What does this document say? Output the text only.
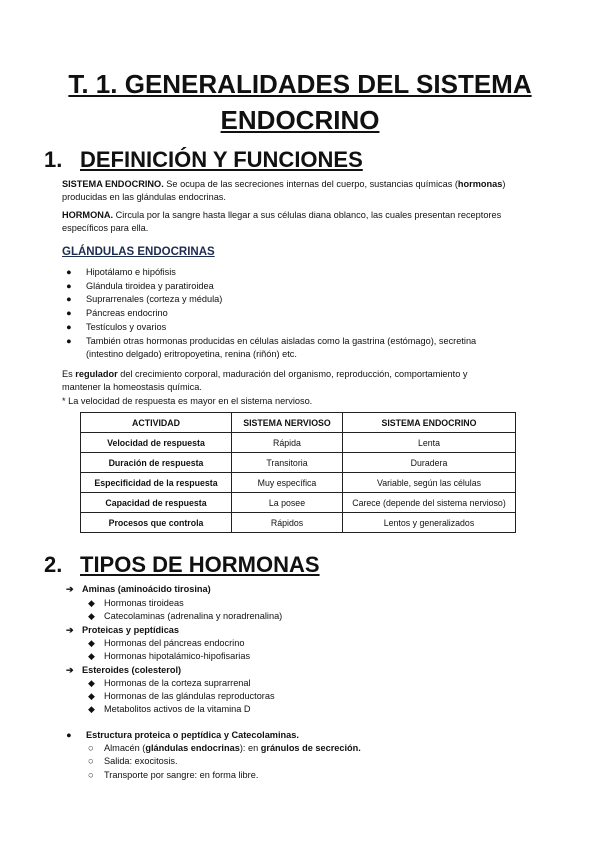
T. 1. GENERALIDADES DEL SISTEMA
ENDOCRINO
1. DEFINICIÓN Y FUNCIONES
SISTEMA ENDOCRINO. Se ocupa de las secreciones internas del cuerpo, sustancias químicas (hormonas)
producidas en las glándulas endocrinas.
HORMONA. Circula por la sangre hasta llegar a sus células diana oblanco, las cuales presentan receptores
específicos para ella.
GLÁNDULAS ENDOCRINAS
● Hipotálamo e hipófisis
● Glándula tiroidea y paratiroidea
● Suprarrenales (corteza y médula)
● Páncreas endocrino
● Testículos y ovarios
● También otras hormonas producidas en células aisladas como la gastrina (estómago), secretina
(intestino delgado) eritropoyetina, renina (riñón) etc.
Es regulador del crecimiento corporal, maduración del organismo, reproducción, comportamiento y
mantener la homeostasis química.
* La velocidad de respuesta es mayor en el sistema nervioso.
ACTIVIDAD	SISTEMA NERVIOSO	SISTEMA ENDOCRINO
Velocidad de respuesta	Rápida	Lenta
Duración de respuesta	Transitoria	Duradera
Especificidad de la respuesta	Muy específica	Variable, según las células
Capacidad de respuesta	La posee	Carece (depende del sistema nervioso)
Procesos que controla	Rápidos	Lentos y generalizados
2. TIPOS DE HORMONAS
➔ Aminas (aminoácido tirosina)
◆ Hormonas tiroideas
◆ Catecolaminas (adrenalina y noradrenalina)
➔ Proteicas y peptídicas
◆ Hormonas del páncreas endocrino
◆ Hormonas hipotalámico-hipofisarias
➔ Esteroides (colesterol)
◆ Hormonas de la corteza suprarrenal
◆ Hormonas de las glándulas reproductoras
◆ Metabolitos activos de la vitamina D
● Estructura proteica o peptídica y Catecolaminas.
○ Almacén (glándulas endocrinas): en gránulos de secreción.
○ Salida: exocitosis.
○ Transporte por sangre: en forma libre.
